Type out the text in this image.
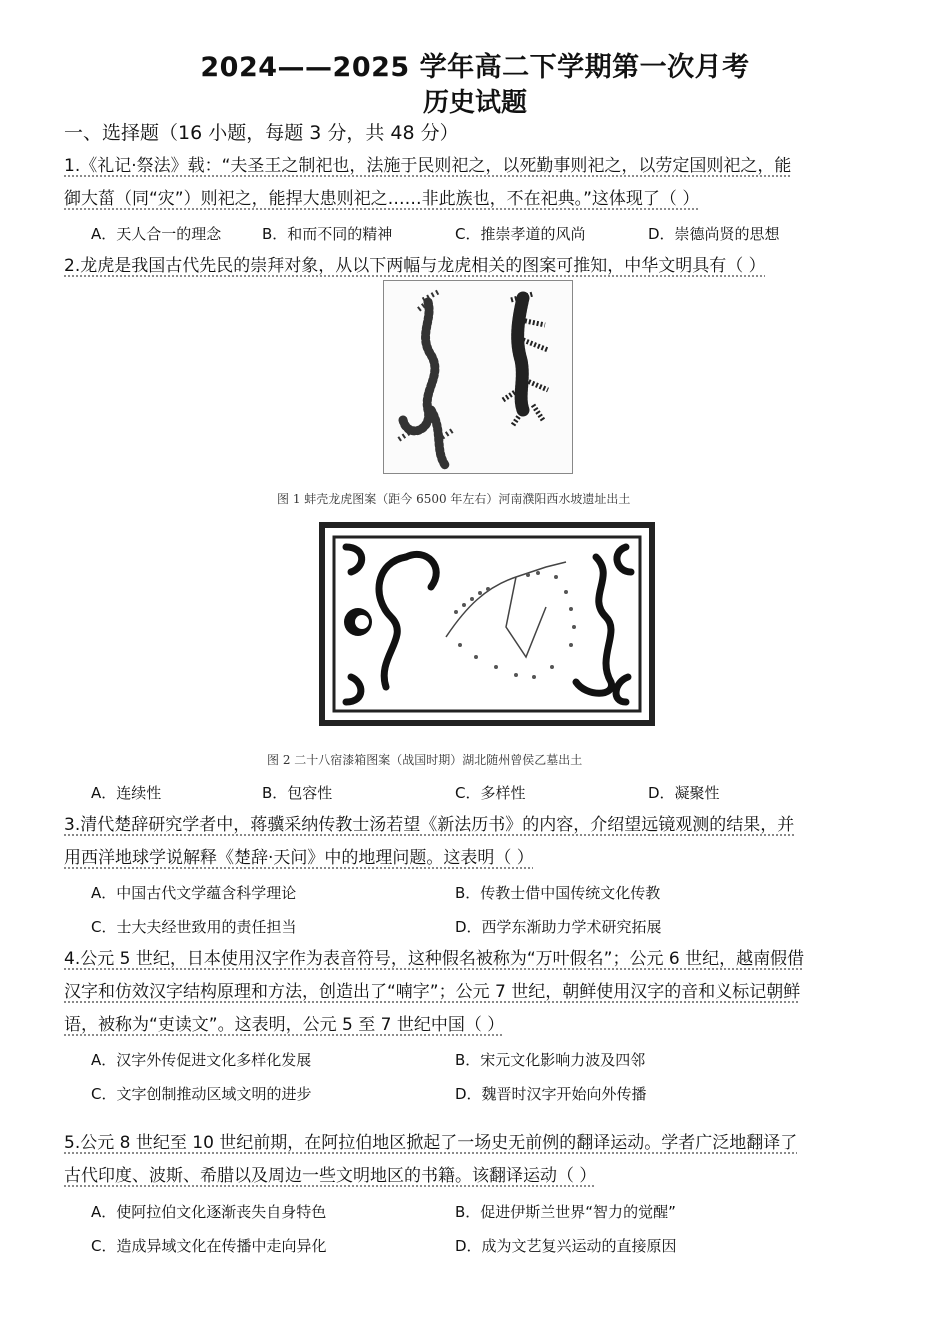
2024——2025 学年高二下学期第一次月考
历史试题
一、选择题（16 小题，每题 3 分，共 48 分）
1.《礼记·祭法》载：“夫圣王之制祀也，法施于民则祀之，以死勤事则祀之，以劳定国则祀之，能
御大菑（同“灾”）则祀之，能捍大患则祀之……非此族也，不在祀典。”这体现了（ ）
A．天人合一的理念	B．和而不同的精神	C．推崇孝道的风尚	D．崇德尚贤的思想
2.龙虎是我国古代先民的崇拜对象，从以下两幅与龙虎相关的图案可推知，中华文明具有（ ）
图 1 蚌壳龙虎图案（距今 6500 年左右）河南濮阳西水坡遗址出土
图 2 二十八宿漆箱图案（战国时期）湖北随州曾侯乙墓出土
A．连续性	B．包容性	C．多样性	D．凝聚性
3.清代楚辞研究学者中，蒋骥采纳传教士汤若望《新法历书》的内容，介绍望远镜观测的结果，并
用西洋地球学说解释《楚辞·天问》中的地理问题。这表明（ ）
A．中国古代文学蕴含科学理论	B．传教士借中国传统文化传教
C．士大夫经世致用的责任担当	D．西学东渐助力学术研究拓展
4.公元 5 世纪，日本使用汉字作为表音符号，这种假名被称为“万叶假名”；公元 6 世纪，越南假借
汉字和仿效汉字结构原理和方法，创造出了“喃字”；公元 7 世纪，朝鲜使用汉字的音和义标记朝鲜
语，被称为“吏读文”。这表明，公元 5 至 7 世纪中国（ ）
A．汉字外传促进文化多样化发展	B．宋元文化影响力波及四邻
C．文字创制推动区域文明的进步	D．魏晋时汉字开始向外传播
5.公元 8 世纪至 10 世纪前期，在阿拉伯地区掀起了一场史无前例的翻译运动。学者广泛地翻译了
古代印度、波斯、希腊以及周边一些文明地区的书籍。该翻译运动（ ）
A．使阿拉伯文化逐渐丧失自身特色	B．促进伊斯兰世界“智力的觉醒”
C．造成异域文化在传播中走向异化	D．成为文艺复兴运动的直接原因
